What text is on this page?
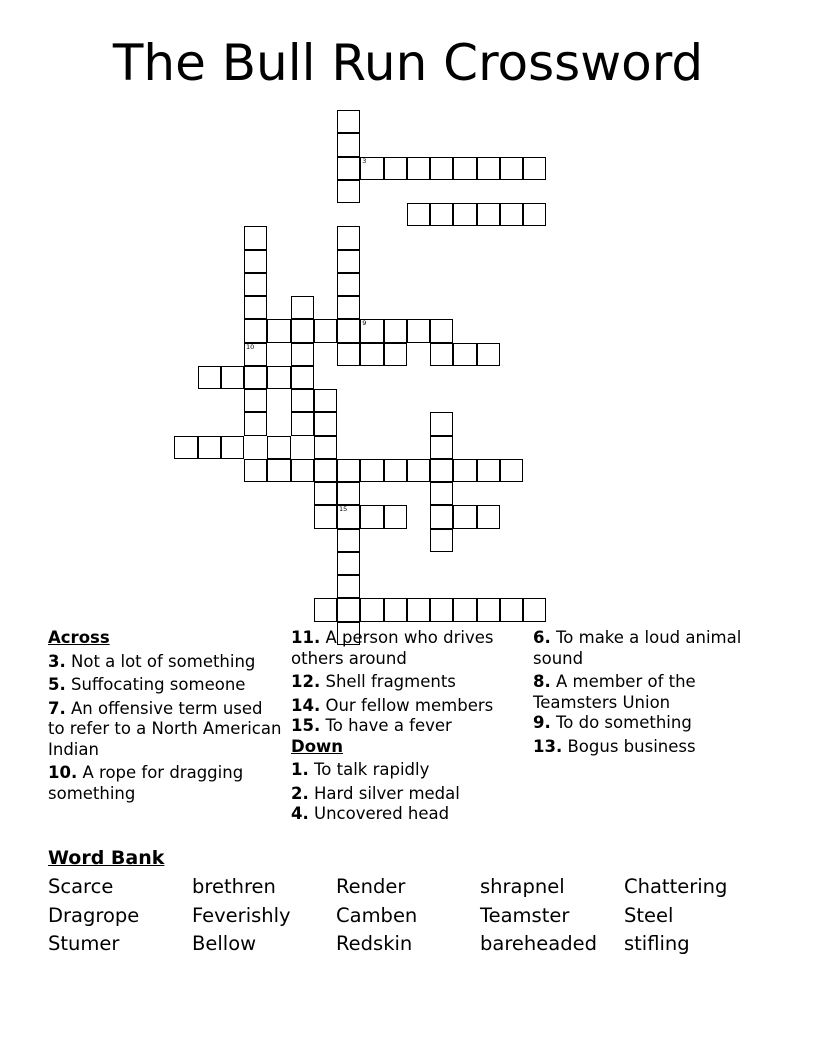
The Bull Run Crossword
3
10
9
15
Across
3. Not a lot of something
5. Suffocating someone
7. An offensive term used to refer to a North American Indian
10. A rope for dragging something
11. A person who drives others around
12. Shell fragments
14. Our fellow members
15. To have a fever
Down
1. To talk rapidly
2. Hard silver medal
4. Uncovered head
6. To make a loud animal sound
8. A member of the Teamsters Union
9. To do something
13. Bogus business
Word Bank
Scarce	brethren	Render	shrapnel	Chattering
Dragrope	Feverishly	Camben	Teamster	Steel
Stumer	Bellow	Redskin	bareheaded	stifling
